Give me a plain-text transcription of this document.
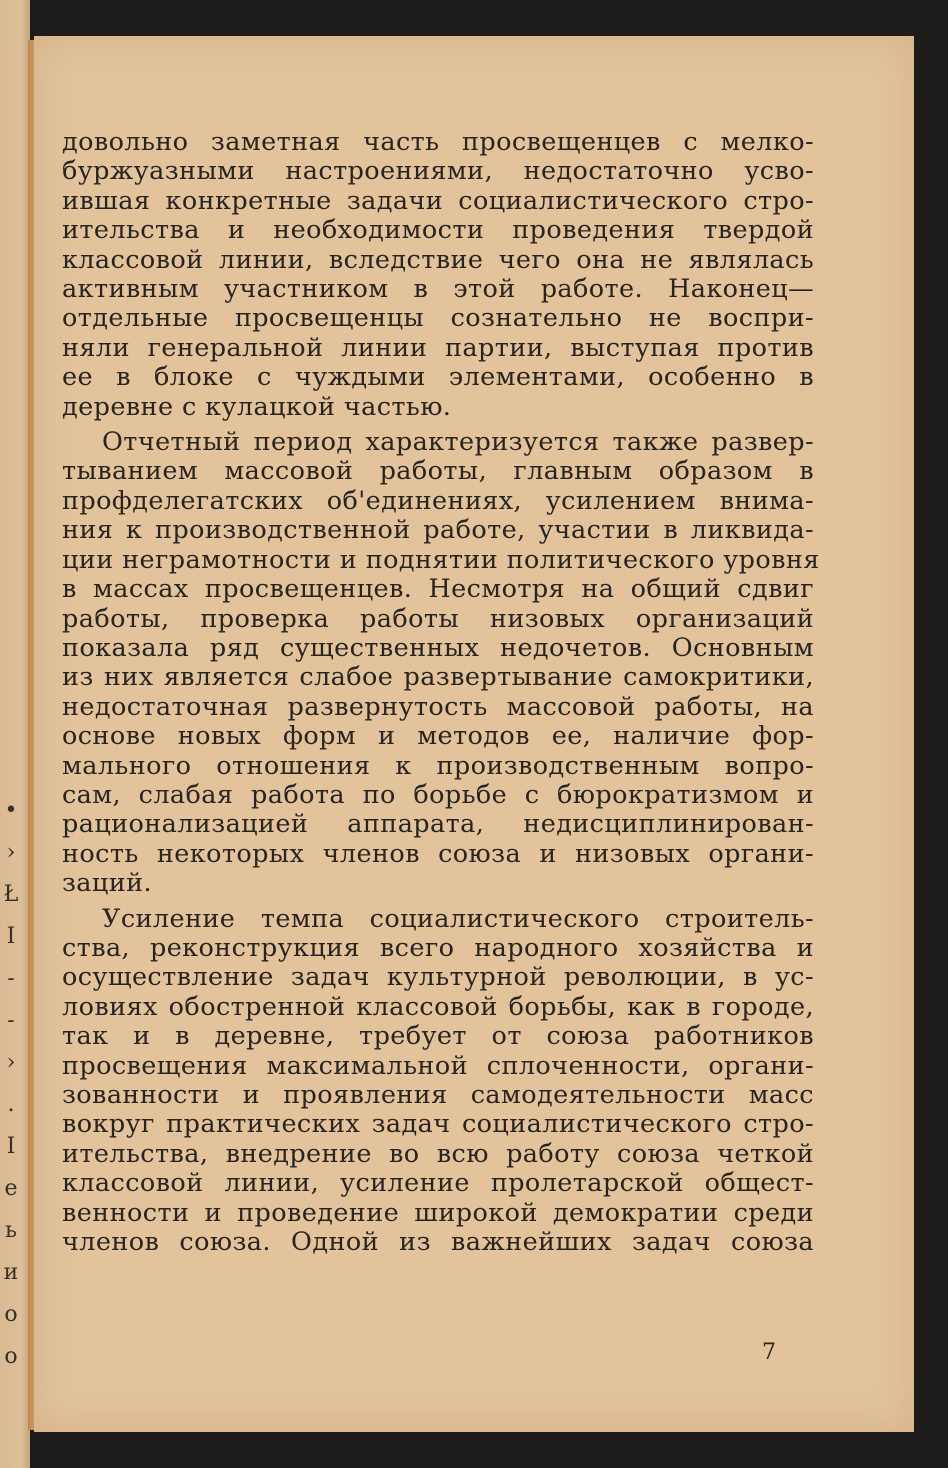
•
›
Ł
І
-
-
›
.
І
е
ь
и
о
о
довольно заметная часть просвещенцев с мелко-
буржуазными настроениями, недостаточно усво-
ившая конкретные задачи социалистического стро-
ительства и необходимости проведения твердой
классовой линии, вследствие чего она не являлась
активным участником в этой работе. Наконец—
отдельные просвещенцы сознательно не воспри-
няли генеральной линии партии, выступая против
ее в блоке с чуждыми элементами, особенно в
деревне с кулацкой частью.
Отчетный период характеризуется также развер-
тыванием массовой работы, главным образом в
профделегатских об'единениях, усилением внима-
ния к производственной работе, участии в ликвида-
ции неграмотности и поднятии политического уровня
в массах просвещенцев. Несмотря на общий сдвиг
работы, проверка работы низовых организаций
показала ряд существенных недочетов. Основным
из них является слабое развертывание самокритики,
недостаточная развернутость массовой работы, на
основе новых форм и методов ее, наличие фор-
мального отношения к производственным вопро-
сам, слабая работа по борьбе с бюрократизмом и
рационализацией аппарата, недисциплинирован-
ность некоторых членов союза и низовых органи-
заций.
Усиление темпа социалистического строитель-
ства, реконструкция всего народного хозяйства и
осуществление задач культурной революции, в ус-
ловиях обостренной классовой борьбы, как в городе,
так и в деревне, требует от союза работников
просвещения максимальной сплоченности, органи-
зованности и проявления самодеятельности масс
вокруг практических задач социалистического стро-
ительства, внедрение во всю работу союза четкой
классовой линии, усиление пролетарской общест-
венности и проведение широкой демократии среди
членов союза. Одной из важнейших задач союза
7
